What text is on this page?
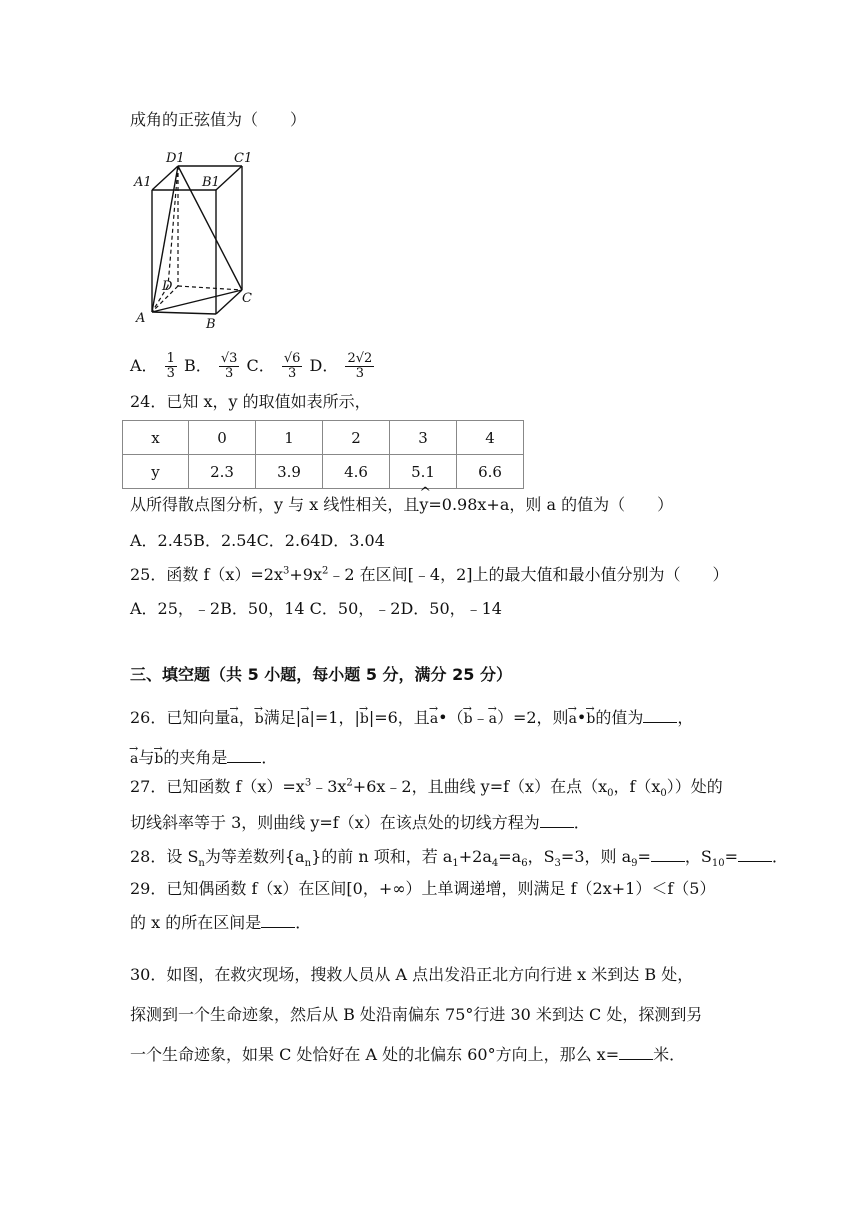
成角的正弦值为（　　）
D1	C1
A1	B1
D
C
A	B
A． $\frac{1}{3}$ B． $\frac{√3}{3}$ C． $\frac{√6}{3}$ D． $\frac{2√2}{3}$
24．已知 x，y 的取值如表所示，
x	0	1	2	3	4
y	2.3	3.9	4.6	5.1	6.6
从所得散点图分析，y 与 x 线性相关，且^ y=0.98x+a，则 a 的值为（　　）
A．2.45B．2.54C．2.64D．3.04
25．函数 $f(x)=2x^3+9x^2﹣2$ 在区间[﹣4，2]上的最大值和最小值分别为（　　）
A．25，﹣2B．50，14 C．50，﹣2D．50，﹣14
三、填空题（共 5 小题，每小题 5 分，满分 25 分）
26．已知向量→ a，→ b满足|→ a|=1，|→ b|=6，且→ a•（→ b﹣→ a）=2，则→ a•→ b的值为 ，
→ a与→ b的夹角是 ．
27．已知函数 $f(x)=x^3﹣3x^2+6x﹣2$，且曲线 y=f（x）在点（$x_0$，$f(x_0)$）处的
切线斜率等于 3，则曲线 y=f（x）在该点处的切线方程为 ．
28．设 $S_n$为等差数列$\{a_n\}$的前 n 项和，若 $a_1+2a_4=a_6$，$S_3=3$，则 $a_9=$ ，$S_{10}=$ ．
29．已知偶函数 f（x）在区间[0，+∞）上单调递增，则满足 f（2x+1）＜f（5）
的 x 的所在区间是 ．
30．如图，在救灾现场，搜救人员从 A 点出发沿正北方向行进 x 米到达 B 处，
探测到一个生命迹象，然后从 B 处沿南偏东 75°行进 30 米到达 C 处，探测到另
一个生命迹象，如果 C 处恰好在 A 处的北偏东 60°方向上，那么 x= 米．
